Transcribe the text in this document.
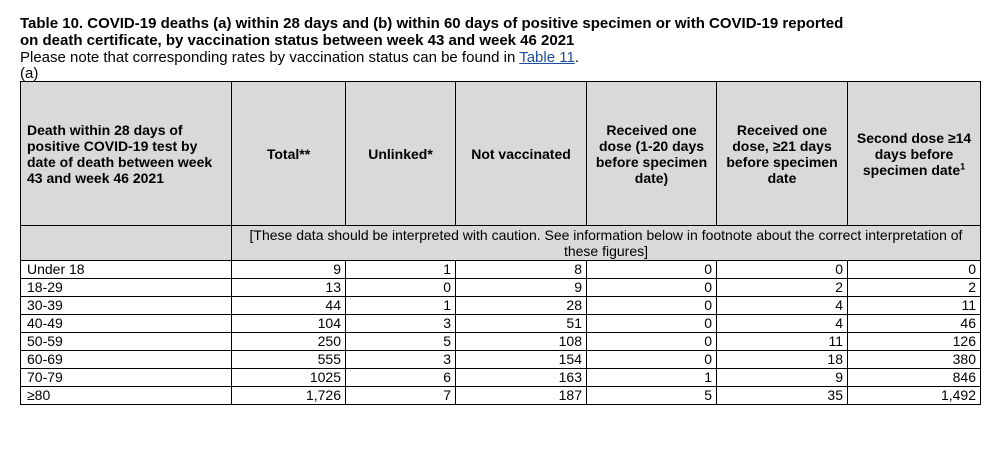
Table 10. COVID-19 deaths (a) within 28 days and (b) within 60 days of positive specimen or with COVID-19 reported
on death certificate, by vaccination status between week 43 and week 46 2021
Please note that corresponding rates by vaccination status can be found in Table 11.
(a)
Death within 28 days of positive COVID-19 test by date of death between week 43 and week 46 2021	Total**	Unlinked*	Not vaccinated	Received one dose (1-20 days before specimen date)	Received one dose, ≥21 days before specimen date	Second dose ≥14 days before specimen date$^1$
	[These data should be interpreted with caution. See information below in footnote about the correct interpretation of these figures]					
Under 18	9	1	8	0	0	0
18-29	13	0	9	0	2	2
30-39	44	1	28	0	4	11
40-49	104	3	51	0	4	46
50-59	250	5	108	0	11	126
60-69	555	3	154	0	18	380
70-79	1025	6	163	1	9	846
≥80	1,726	7	187	5	35	1,492
